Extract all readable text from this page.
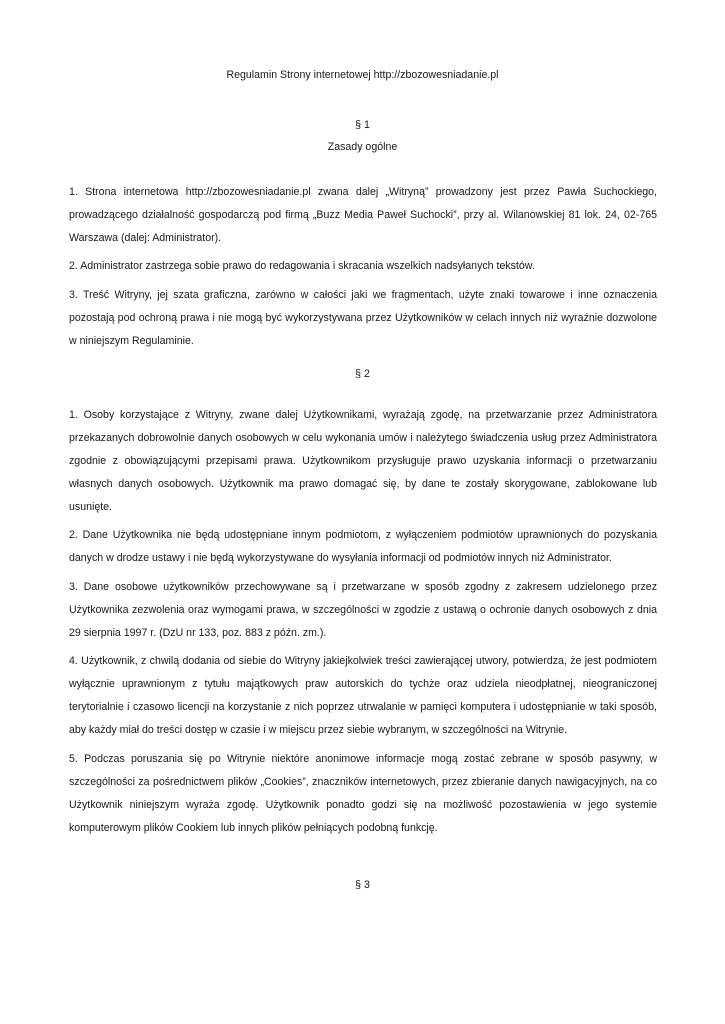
Regulamin Strony internetowej http://zbozowesniadanie.pl
§ 1
Zasady ogólne

1. Strona internetowa http://zbozowesniadanie.pl zwana dalej „Witryną” prowadzony jest przez Pawła Suchockiego, prowadzącego działalność gospodarczą pod firmą „Buzz Media Paweł Suchocki”, przy al. Wilanowskiej 81 lok. 24, 02-765 Warszawa (dalej: Administrator).

2. Administrator zastrzega sobie prawo do redagowania i skracania wszelkich nadsyłanych tekstów.

3. Treść Witryny, jej szata graficzna, zarówno w całości jaki we fragmentach, użyte znaki towarowe i inne oznaczenia pozostają pod ochroną prawa i nie mogą być wykorzystywana przez Użytkowników w celach innych niż wyraźnie dozwolone w niniejszym Regulaminie.

§ 2

1. Osoby korzystające z Witryny, zwane dalej Użytkownikami, wyrażają zgodę, na przetwarzanie przez Administratora przekazanych dobrowolnie danych osobowych w celu wykonania umów i należytego świadczenia usług przez Administratora zgodnie z obowiązującymi przepisami prawa. Użytkownikom przysługuje prawo uzyskania informacji o przetwarzaniu własnych danych osobowych. Użytkownik ma prawo domagać się, by dane te zostały skorygowane, zablokowane lub usunięte.

2. Dane Użytkownika nie będą udostępniane innym podmiotom, z wyłączeniem podmiotów uprawnionych do pozyskania danych w drodze ustawy i nie będą wykorzystywane do wysyłania informacji od podmiotów innych niż Administrator.

3. Dane osobowe użytkowników przechowywane są i przetwarzane w sposób zgodny z zakresem udzielonego przez Użytkownika zezwolenia oraz wymogami prawa, w szczególności w zgodzie z ustawą o ochronie danych osobowych z dnia 29 sierpnia 1997 r. (DzU nr 133, poz. 883 z późn. zm.).

4. Użytkownik, z chwilą dodania od siebie do Witryny jakiejkolwiek treści zawierającej utwory, potwierdza, że jest podmiotem wyłącznie uprawnionym z tytułu majątkowych praw autorskich do tychże oraz udziela nieodpłatnej, nieograniczonej terytorialnie i czasowo licencji na korzystanie z nich poprzez utrwalanie w pamięci komputera i udostępnianie w taki sposób, aby każdy miał do treści dostęp w czasie i w miejscu przez siebie wybranym, w szczególności na Witrynie.

5. Podczas poruszania się po Witrynie niektóre anonimowe informacje mogą zostać zebrane w sposób pasywny, w szczególności za pośrednictwem plików „Cookies”, znaczników internetowych, przez zbieranie danych nawigacyjnych, na co Użytkownik niniejszym wyraża zgodę. Użytkownik ponadto godzi się na możliwość pozostawienia w jego systemie komputerowym plików Cookiem lub innych plików pełniących podobną funkcję.

§ 3
